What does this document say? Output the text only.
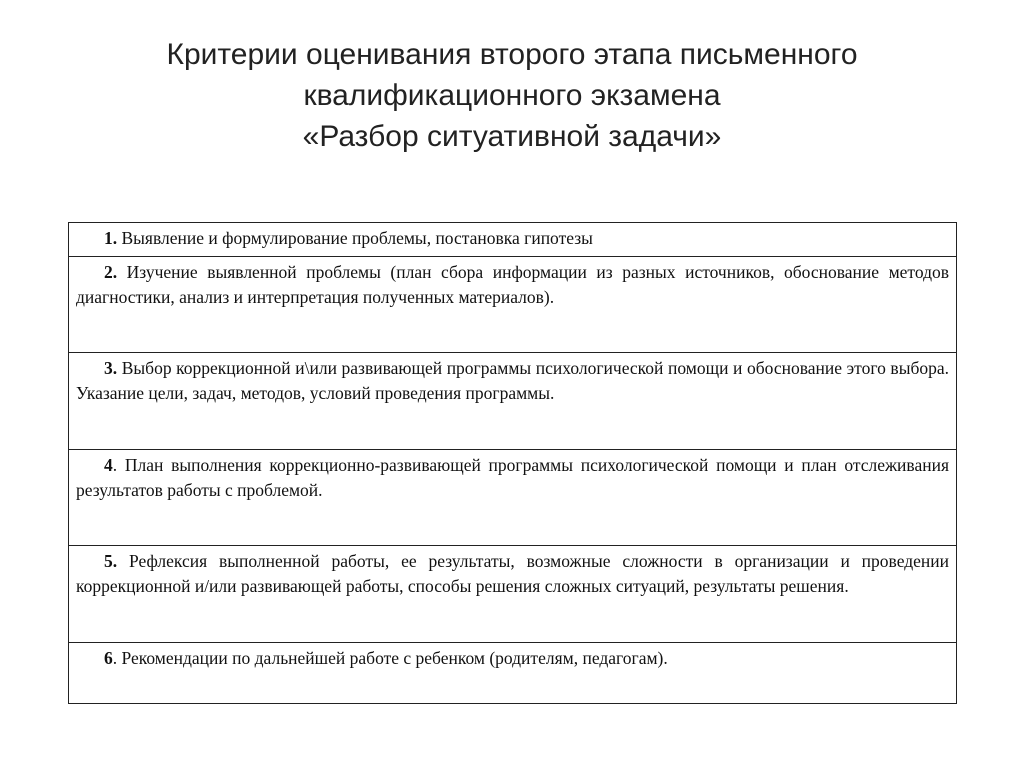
Критерии оценивания второго этапа письменного
квалификационного экзамена
«Разбор ситуативной задачи»
1. Выявление и формулирование проблемы, постановка гипотезы
2. Изучение выявленной проблемы (план сбора информации из разных источников, обоснование методов диагностики, анализ и интерпретация полученных материалов).
3. Выбор коррекционной и\или развивающей программы психологической помощи и обоснование этого выбора. Указание цели, задач, методов, условий проведения программы.
4. План выполнения коррекционно-развивающей программы психологической помощи и план отслеживания результатов работы с проблемой.
5. Рефлексия выполненной работы, ее результаты, возможные сложности в организации и проведении коррекционной и/или развивающей работы, способы решения сложных ситуаций, результаты решения.
6. Рекомендации по дальнейшей работе с ребенком (родителям, педагогам).
